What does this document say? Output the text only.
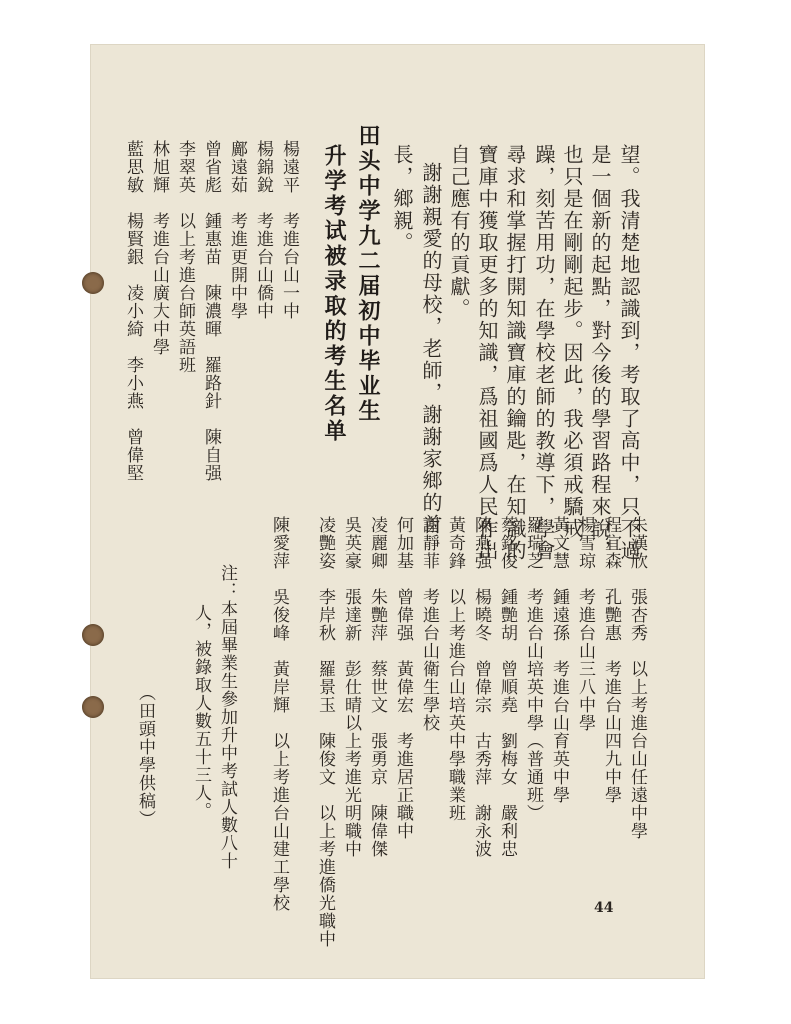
望。我清楚地認識到，考取了高中，只不過
是一個新的起點，對今後的學習路程來說，
也只是在剛剛起步。因此，我必須戒驕戒
躁，刻苦用功，在學校老師的教導下，學會
尋求和掌握打開知識寶庫的鑰匙，在知識的
寶庫中獲取更多的知識，爲祖國爲人民作出
自己應有的貢獻。
謝謝親愛的母校，老師，謝謝家鄉的首
長，鄉親。
田头中学九二届初中毕业生
升学考试被录取的考生名单
楊遠平　考進台山一中
楊錦銳　考進台山僑中
鄺遠茹　考進更開中學
曾省彪　鍾惠苗　陳濃暉　羅路針　陳自强
李翠英　以上考進台師英語班
林旭輝　考進台山廣大中學
藍思敏　楊賢銀　凌小綺　李小燕　曾偉堅
朱漢欣　張杏秀　以上考進台山任遠中學
程宜森　孔艷惠　考進台山四九中學
楊雪琼　考進台山三八中學
黃文慧　鍾遠孫　考進台山育英中學
羅瑞芝　考進台山培英中學（普通班）
蔡銘俊　鍾艷胡　曾順堯　劉梅女　嚴利忠
陳燕强　楊曉冬　曾偉宗　古秀萍　謝永波
黃奇鋒　以上考進台山培英中學職業班
謝靜菲　考進台山衛生學校
何加基　曾偉强　黃偉宏　考進居正職中
凌麗卿　朱艷萍　蔡世文　張勇京　陳偉傑
吳英豪　張達新　彭仕晴以上考進光明職中
凌艷姿　李岸秋　羅景玉　陳俊文　以上考進僑光職中
陳愛萍　吳俊峰　黃岸輝　以上考進台山建工學校
注：本屆畢業生參加升中考試人數八十
人，被錄取人數五十三人。
（田頭中學供稿）
44
